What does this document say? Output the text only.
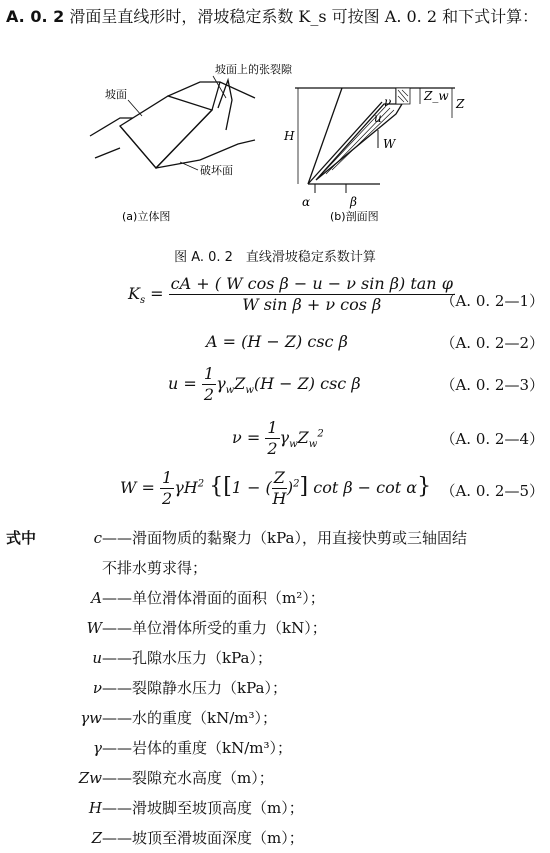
A. 0. 2 滑面呈直线形时，滑坡稳定系数 K_s 可按图 A. 0. 2 和下式计算：
坡面上的张裂隙
坡面
破坏面
(a)立体图
H
Z
Z_w
ν
u
W
α	β
(b)剖面图
图 A. 0. 2　直线滑坡稳定系数计算
$K_s = \frac{\text{cA + ( W cos β − u − ν sin β) tan φ}}{\text{W sin β + ν cos β}}$
（A. 0. 2—1）
A = (H − Z) csc β	（A. 0. 2—2）
$u = \frac{1}{2} \gamma_wZ_w(H - Z)$ csc β	（A. 0. 2—3）
$\nu = \frac{1}{2} \gamma_wZ_w^2$	（A. 0. 2—4）
$W = \frac{1}{2} \gamma H^2$ {[1 − ( $\frac{Z}{H} )^2$] cot β − cot α} （A. 0. 2—5）
式中	c ——滑面物质的黏聚力（kPa），用直接快剪或三轴固结
不排水剪求得；
A ——单位滑体滑面的面积（m²）；
W ——单位滑体所受的重力（kN）；
u ——孔隙水压力（kPa）；
ν ——裂隙静水压力（kPa）；
γw ——水的重度（kN/m³）；
γ ——岩体的重度（kN/m³）；
Zw ——裂隙充水高度（m）；
H ——滑坡脚至坡顶高度（m）；
Z ——坡顶至滑坡面深度（m）；
